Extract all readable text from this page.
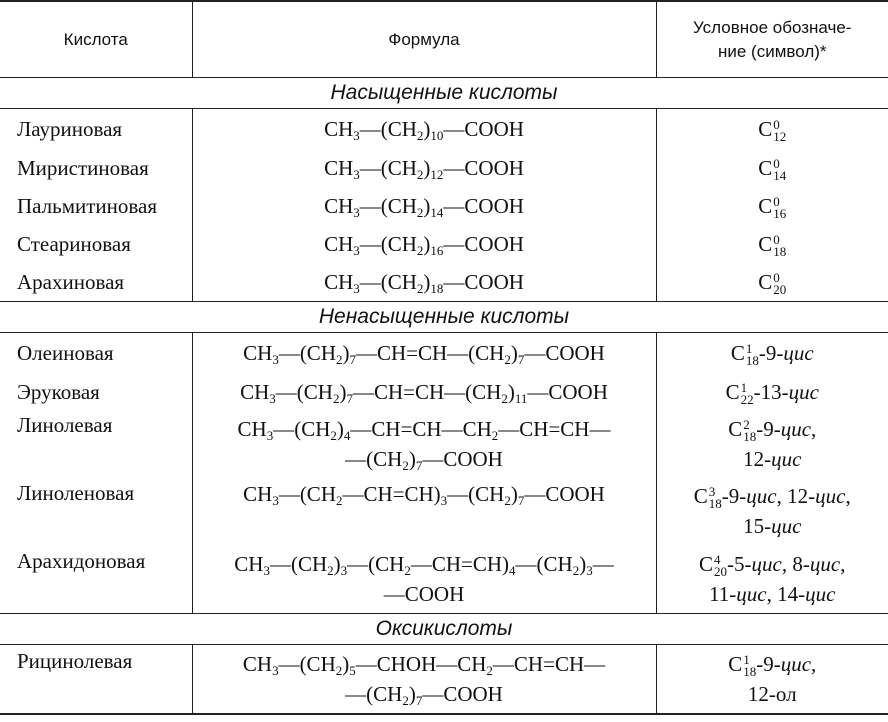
Кислота	Формула	Условное обозначе-
ние (символ)*

Насыщенные кислоты		
Лауриновая	$CH_3—(CH_2)_{10}—COOH$	C 0
12

Миристиновая	$CH_3—(CH_2)_{12}—COOH$	C 0
14

Пальмитиновая	$CH_3—(CH_2)_{14}—COOH$	C 0
16

Стеариновая	$CH_3—(CH_2)_{16}—COOH$	C 0
18

Арахиновая	$CH_3—(CH_2)_{18}—COOH$	C 0
20

Ненасыщенные кислоты		
Олеиновая	$CH_3—(CH_2)_7—CH=CH—(CH_2)_7—COOH$	C 1
18 -9-цис

Эруковая	$CH_3—(CH_2)_7—CH=CH—(CH_2)_{11}—COOH$	C 1
22 -13-цис

Линолевая	$CH_3—(CH_2)_4—CH=CH—CH_2—CH=CH—$
$—(CH_2)_7—COOH$	C 2
18 -9-цис,
12-цис

Линоленовая	$CH_3—(CH_2—CH=CH)_3—(CH_2)_7—COOH$	C 3
18 -9-цис, 12-цис,
15-цис

Арахидоновая	$CH_3—(CH_2)_3—(CH_2—CH=CH)_4—(CH_2)_3—$
—COOH	C 4
20 -5-цис, 8-цис,
11-цис, 14-цис

Оксикислоты		
Рицинолевая	$CH_3—(CH_2)_5—CHOH—CH_2—CH=CH—$
$—(CH_2)_7—COOH$	C 1
18 -9-цис,
12-ол
